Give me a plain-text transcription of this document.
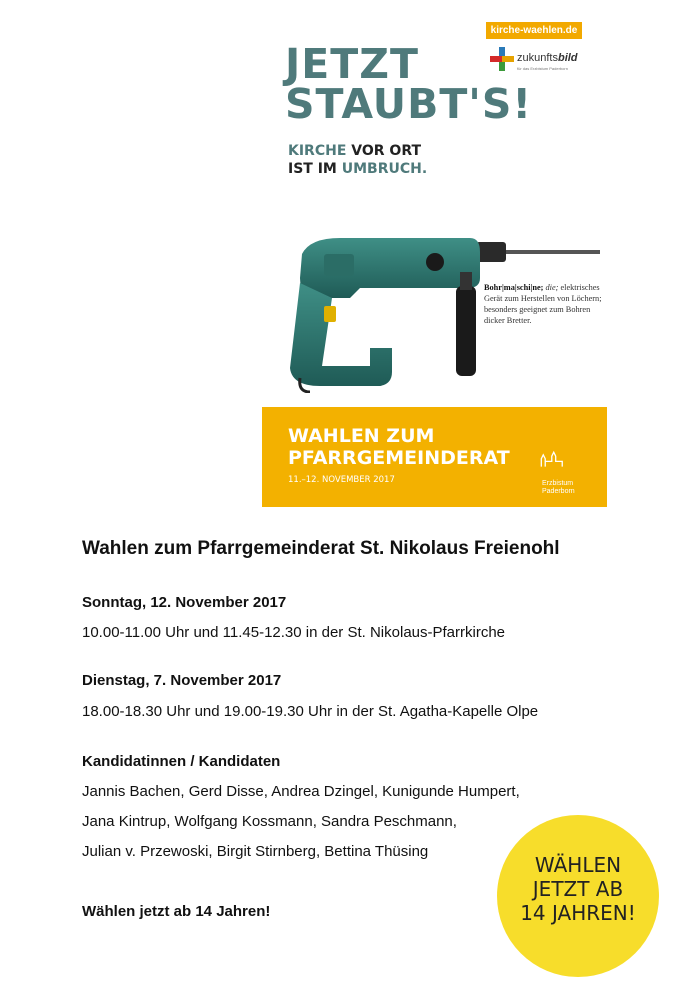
kirche-waehlen.de
zukunftsbild
für das Erzbistum Paderborn
JETZT
STAUBT'S!
KIRCHE VOR ORT
IST IM UMBRUCH.
Bohr|ma|schi|ne; die; elektrisches Gerät zum Herstellen von Löchern; besonders geeignet zum Bohren dicker Bretter.
WAHLEN ZUM
PFARRGEMEINDERAT
11.–12. NOVEMBER 2017	Erzbistum
Paderborn
Wahlen zum Pfarrgemeinderat St. Nikolaus Freienohl
Sonntag, 12. November 2017
10.00-11.00 Uhr und 11.45-12.30 in der St. Nikolaus-Pfarrkirche
Dienstag, 7. November 2017
18.00-18.30 Uhr und 19.00-19.30 Uhr in der St. Agatha-Kapelle Olpe
Kandidatinnen / Kandidaten
Jannis Bachen, Gerd Disse, Andrea Dzingel, Kunigunde Humpert,
Jana Kintrup, Wolfgang Kossmann, Sandra Peschmann,
Julian v. Przewoski, Birgit Stirnberg, Bettina Thüsing
Wählen jetzt ab 14 Jahren!
WÄHLEN
JETZT AB
14 JAHREN!
